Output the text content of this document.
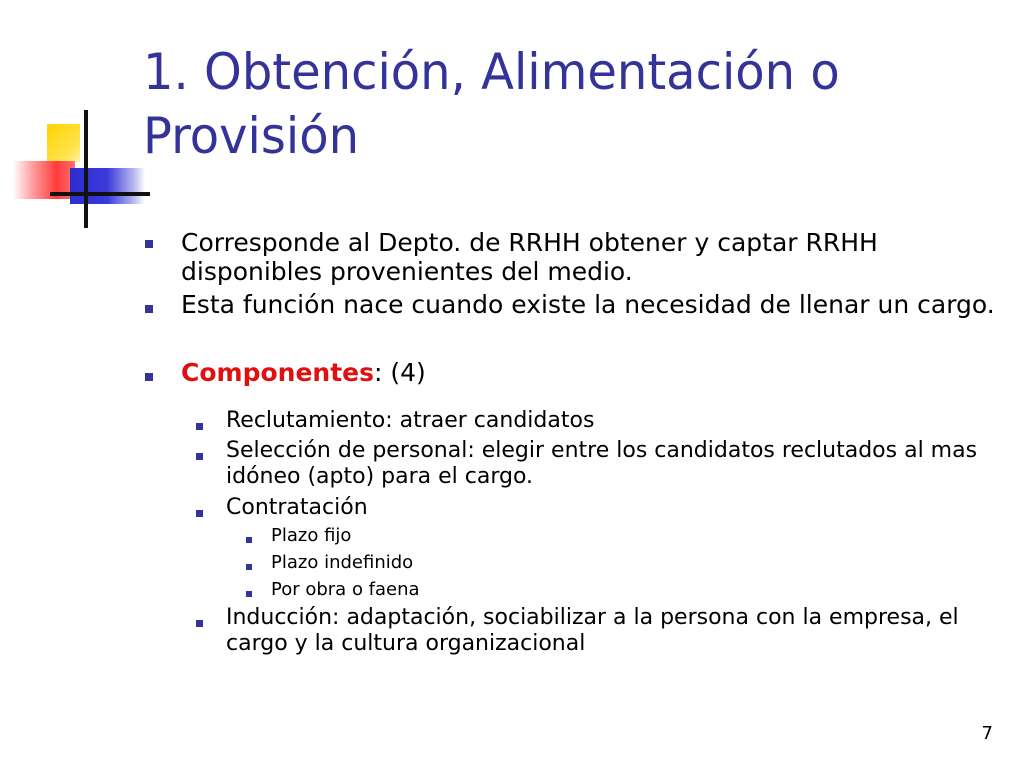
1. Obtención, Alimentación o Provisión

Corresponde al Depto. de RRHH obtener y captar RRHH disponibles provenientes del medio.

Esta función nace cuando existe la necesidad de llenar un cargo.

Componentes: (4)

Reclutamiento: atraer candidatos

Selección de personal: elegir entre los candidatos reclutados al mas idóneo (apto) para el cargo.

Contratación

Plazo fijo

Plazo indefinido

Por obra o faena

Inducción: adaptación, sociabilizar a la persona con la empresa, el cargo y la cultura organizacional

7
